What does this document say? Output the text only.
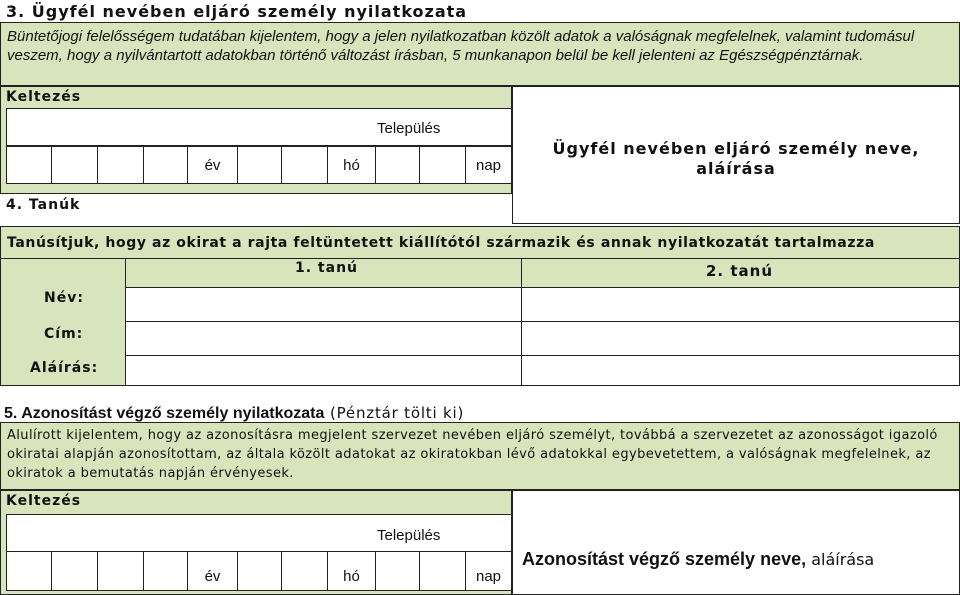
3. Ügyfél nevében eljáró személy nyilatkozata
Büntetőjogi felelősségem tudatában kijelentem, hogy a jelen nyilatkozatban közölt adatok a valóságnak megfelelnek, valamint tudomásul veszem, hogy a nyilvántartott adatokban történő változást írásban, 5 munkanapon belül be kell jelenteni az Egészségpénztárnak.
Keltezés
Település
év	hó	nap
4. Tanúk
Ügyfél nevében eljáró személy neve, aláírása
Tanúsítjuk, hogy az okirat a rajta feltüntetett kiállítótól származik és annak nyilatkozatát tartalmazza
Név:
Cím:
Aláírás:
1. tanú	2. tanú
5. Azonosítást végző személy nyilatkozata (Pénztár tölti ki)
Alulírott kijelentem, hogy az azonosításra megjelent szervezet nevében eljáró személyt, továbbá a szervezetet az azonosságot igazoló okiratai alapján azonosítottam, az általa közölt adatokat az okiratokban lévő adatokkal egybevetettem, a valóságnak megfelelnek, az okiratok a bemutatás napján érvényesek.
Keltezés
Település
év	hó	nap
Azonosítást végző személy neve, aláírása
